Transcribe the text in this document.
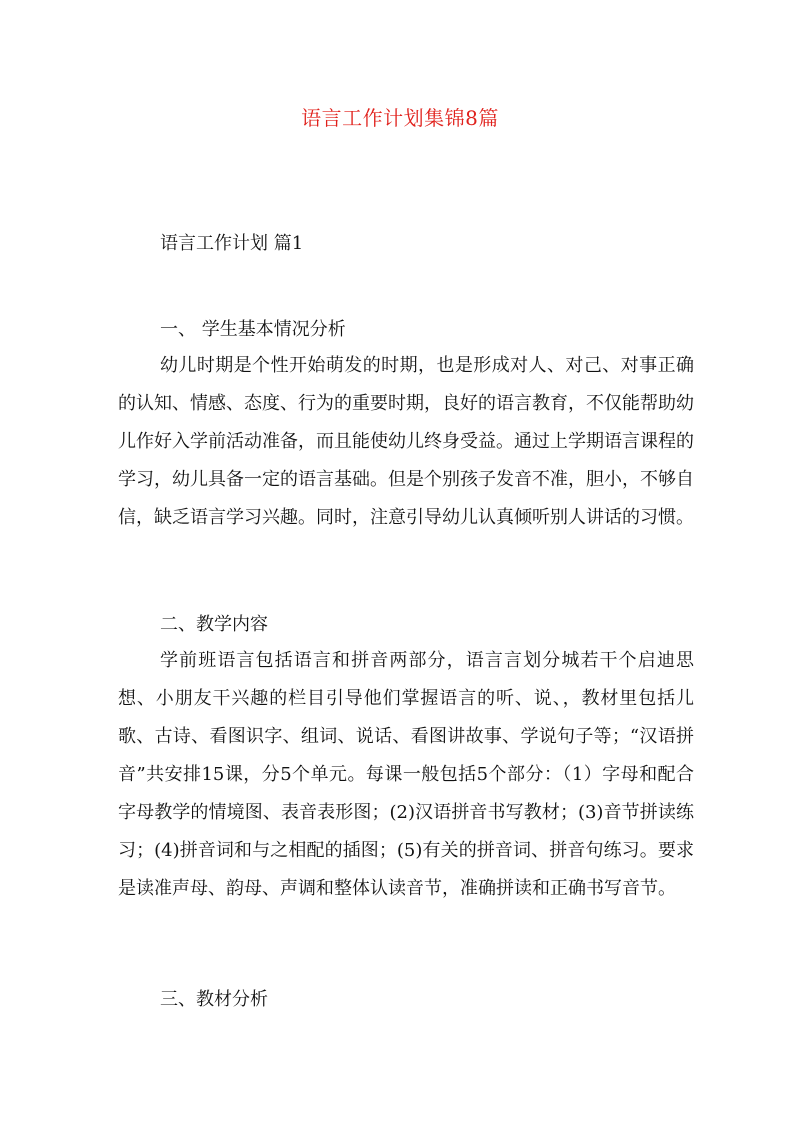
语言工作计划集锦8篇
语言工作计划 篇1
一、 学生基本情况分析
幼儿时期是个性开始萌发的时期，也是形成对人、对己、对事正确的认知、情感、态度、行为的重要时期，良好的语言教育，不仅能帮助幼儿作好入学前活动准备，而且能使幼儿终身受益。通过上学期语言课程的学习，幼儿具备一定的语言基础。但是个别孩子发音不准，胆小，不够自信，缺乏语言学习兴趣。同时，注意引导幼儿认真倾听别人讲话的习惯。
二、教学内容
学前班语言包括语言和拼音两部分，语言言划分城若干个启迪思想、小朋友干兴趣的栏目引导他们掌握语言的听、说、，教材里包括儿歌、古诗、看图识字、组词、说话、看图讲故事、学说句子等；“汉语拼音”共安排15课，分5个单元。每课一般包括5个部分：（1）字母和配合字母教学的情境图、表音表形图；(2)汉语拼音书写教材；(3)音节拼读练习；(4)拼音词和与之相配的插图；(5)有关的拼音词、拼音句练习。要求是读准声母、韵母、声调和整体认读音节，准确拼读和正确书写音节。
三、教材分析
